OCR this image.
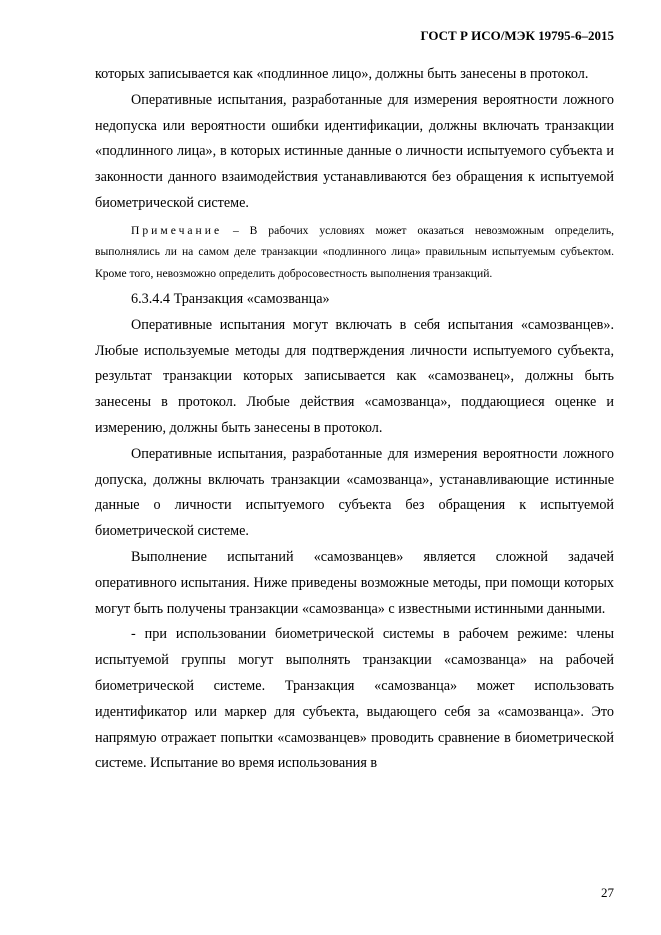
ГОСТ Р ИСО/МЭК 19795-6–2015

которых записывается как «подлинное лицо», должны быть занесены в протокол.

Оперативные испытания, разработанные для измерения вероятности ложного недопуска или вероятности ошибки идентификации, должны включать транзакции «подлинного лица», в которых истинные данные о личности испытуемого субъекта и законности данного взаимодействия устанавливаются без обращения к испытуемой биометрической системе.

Примечание – В рабочих условиях может оказаться невозможным определить, выполнялись ли на самом деле транзакции «подлинного лица» правильным испытуемым субъектом. Кроме того, невозможно определить добросовестность выполнения транзакций.

6.3.4.4 Транзакция «самозванца»

Оперативные испытания могут включать в себя испытания «самозванцев». Любые используемые методы для подтверждения личности испытуемого субъекта, результат транзакции которых записывается как «самозванец», должны быть занесены в протокол. Любые действия «самозванца», поддающиеся оценке и измерению, должны быть занесены в протокол.

Оперативные испытания, разработанные для измерения вероятности ложного допуска, должны включать транзакции «самозванца», устанавливающие истинные данные о личности испытуемого субъекта без обращения к испытуемой биометрической системе.

Выполнение испытаний «самозванцев» является сложной задачей оперативного испытания. Ниже приведены возможные методы, при помощи которых могут быть получены транзакции «самозванца» с известными истинными данными.

- при использовании биометрической системы в рабочем режиме: члены испытуемой группы могут выполнять транзакции «самозванца» на рабочей биометрической системе. Транзакция «самозванца» может использовать идентификатор или маркер для субъекта, выдающего себя за «самозванца». Это напрямую отражает попытки «самозванцев» проводить сравнение в биометрической системе. Испытание во время использования в

27
